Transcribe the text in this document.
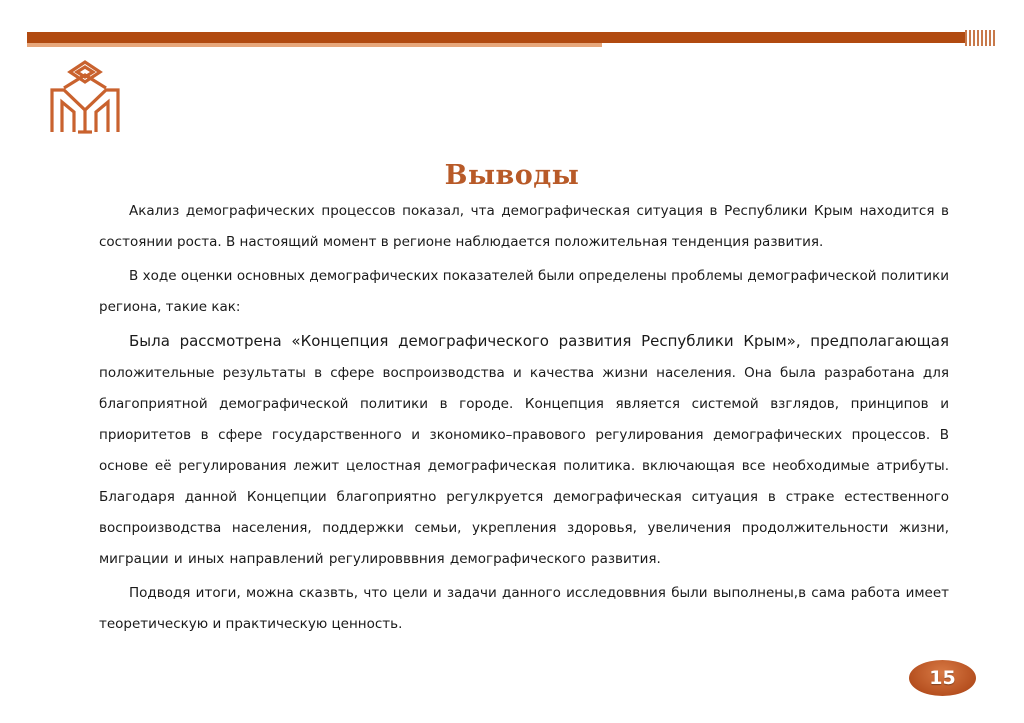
Выводы

Акализ демографических процессов показал, чта демографическая ситуация в Республики Крым находится в состоянии роста. В настоящий момент в регионе наблюдается положительная тенденция развития.

В ходе оценки основных демографических показателей были определены проблемы демографической политики региона, такие как:

Была рассмотрена «Концепция демографического развития Республики Крым», предполагающая положительные результаты в сфере воспроизводства и качества жизни населения. Она была разработана для благоприятной демографической политики в городе. Концепция является системой взглядов, принципов и приоритетов в сфере государственного и зкономико–правового регулирования демографических процессов. В основе её регулирования лежит целостная демографическая политика. включающая все необходимые атрибуты. Благодаря данной Концепции благоприятно регулкруется демографическая ситуация в страке естественного воспроизводства населения, поддержки семьи, укрепления здоровья, увеличения продолжительности жизни, миграции и иных направлений регулировввния демографического развития.

Подводя итоги, можна сказвть, что цели и задачи данного исследоввния были выполнены,в сама работа имеет теоретическую и практическую ценность.

15
